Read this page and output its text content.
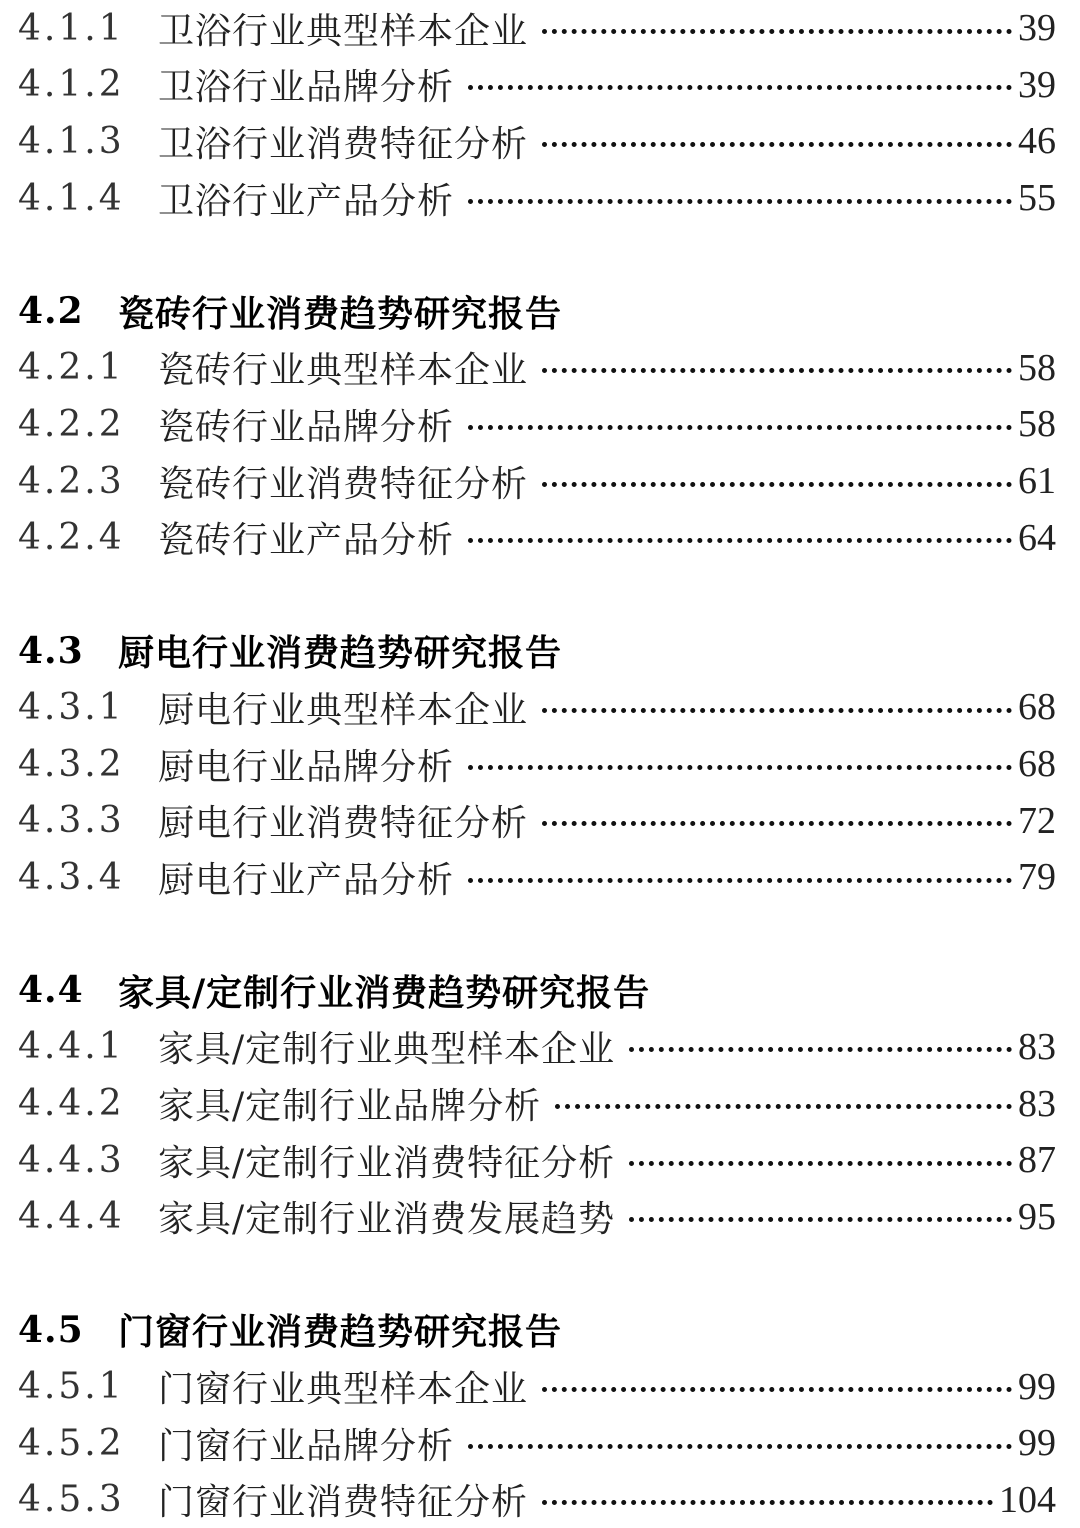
4.1.1 卫浴行业典型样本企业	39
4.1.2 卫浴行业品牌分析	39
4.1.3 卫浴行业消费特征分析	46
4.1.4 卫浴行业产品分析	55
4.2 瓷砖行业消费趋势研究报告
4.2.1 瓷砖行业典型样本企业	58
4.2.2 瓷砖行业品牌分析	58
4.2.3 瓷砖行业消费特征分析	61
4.2.4 瓷砖行业产品分析	64
4.3 厨电行业消费趋势研究报告
4.3.1 厨电行业典型样本企业	68
4.3.2 厨电行业品牌分析	68
4.3.3 厨电行业消费特征分析	72
4.3.4 厨电行业产品分析	79
4.4 家具/定制行业消费趋势研究报告
4.4.1 家具/定制行业典型样本企业	83
4.4.2 家具/定制行业品牌分析	83
4.4.3 家具/定制行业消费特征分析	87
4.4.4 家具/定制行业消费发展趋势	95
4.5 门窗行业消费趋势研究报告
4.5.1 门窗行业典型样本企业	99
4.5.2 门窗行业品牌分析	99
4.5.3 门窗行业消费特征分析	104
